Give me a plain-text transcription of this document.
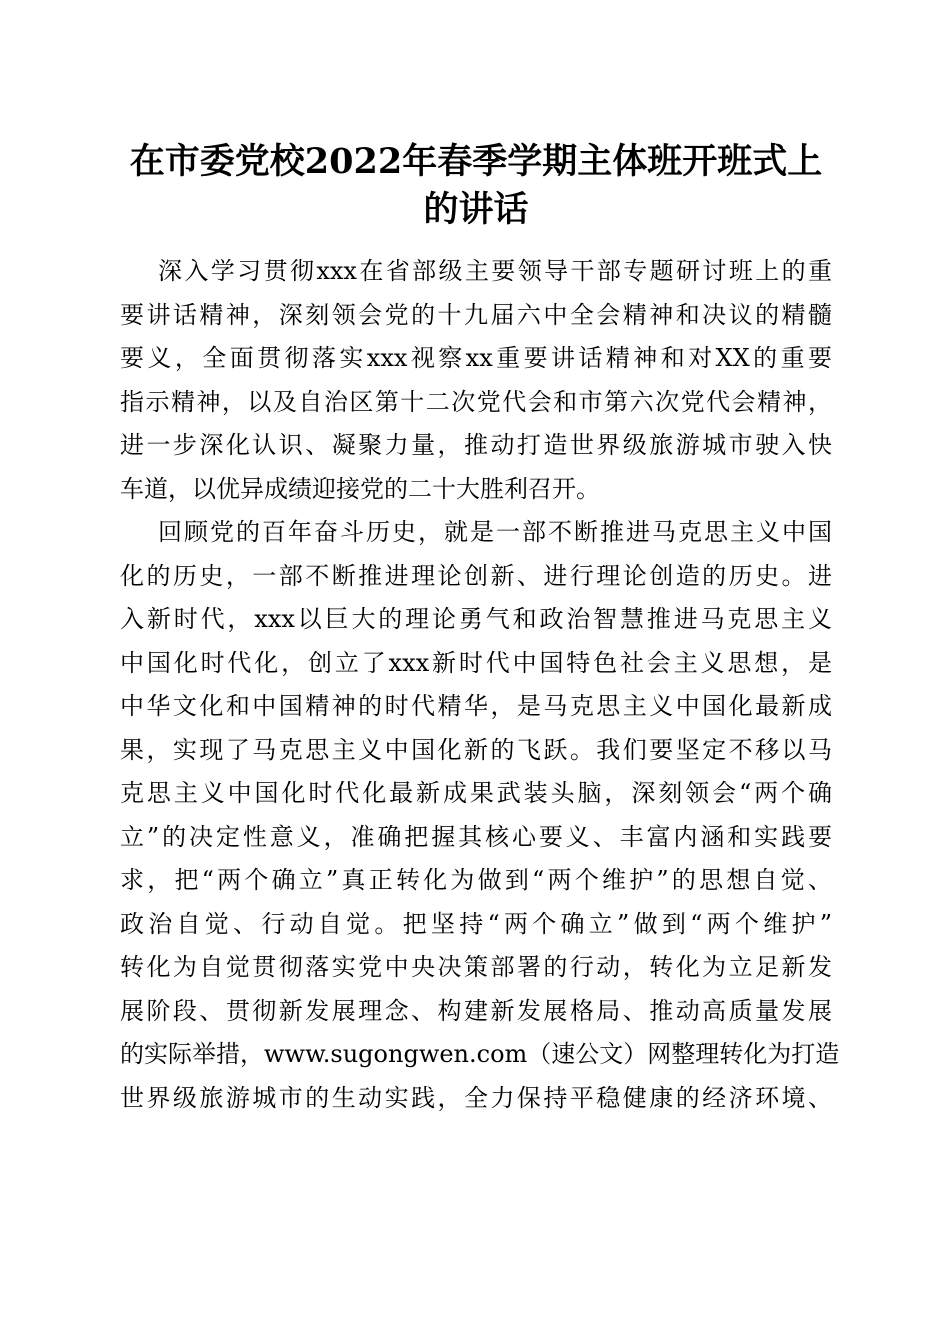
在市委党校2022年春季学期主体班开班式上
的讲话
深入学习贯彻xxx在省部级主要领导干部专题研讨班上的重
要讲话精神，深刻领会党的十九届六中全会精神和决议的精髓
要义，全面贯彻落实xxx视察xx重要讲话精神和对XX的重要
指示精神，以及自治区第十二次党代会和市第六次党代会精神，
进一步深化认识、凝聚力量，推动打造世界级旅游城市驶入快
车道，以优异成绩迎接党的二十大胜利召开。
回顾党的百年奋斗历史，就是一部不断推进马克思主义中国
化的历史，一部不断推进理论创新、进行理论创造的历史。进
入新时代，xxx以巨大的理论勇气和政治智慧推进马克思主义
中国化时代化，创立了xxx新时代中国特色社会主义思想，是
中华文化和中国精神的时代精华，是马克思主义中国化最新成
果，实现了马克思主义中国化新的飞跃。我们要坚定不移以马
克思主义中国化时代化最新成果武装头脑，深刻领会“两个确
立”的决定性意义，准确把握其核心要义、丰富内涵和实践要
求，把“两个确立”真正转化为做到“两个维护”的思想自觉、
政治自觉、行动自觉。把坚持“两个确立”做到“两个维护”
转化为自觉贯彻落实党中央决策部署的行动，转化为立足新发
展阶段、贯彻新发展理念、构建新发展格局、推动高质量发展
的实际举措，www.sugongwen.com（速公文）网整理转化为打造
世界级旅游城市的生动实践，全力保持平稳健康的经济环境、
